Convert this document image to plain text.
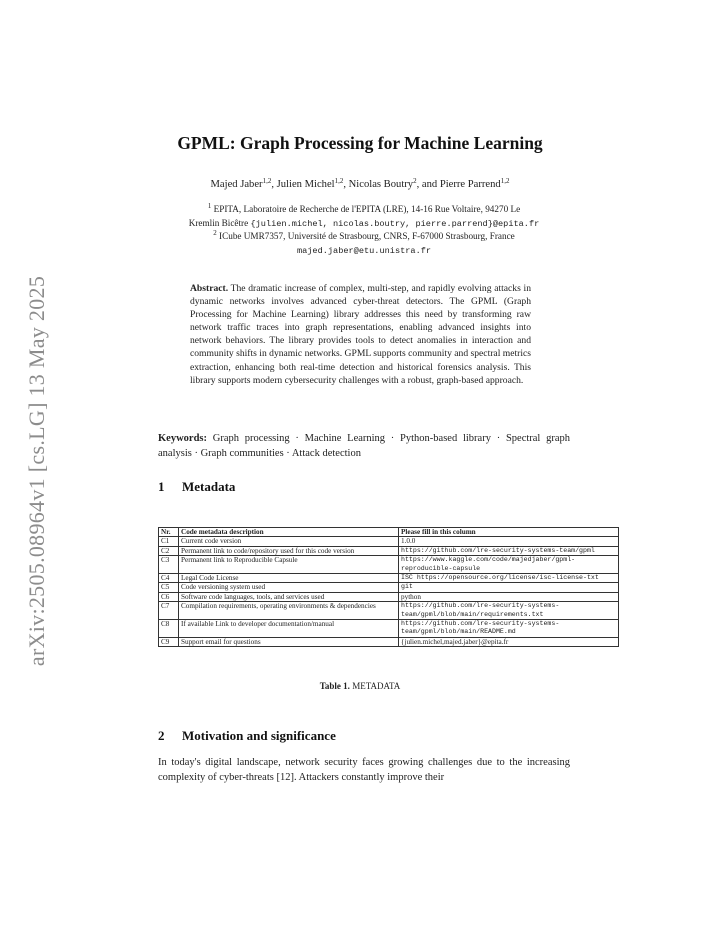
arXiv:2505.08964v1 [cs.LG] 13 May 2025
GPML: Graph Processing for Machine Learning
Majed Jaber$^{1,2}$, Julien Michel$^{1,2}$, Nicolas Boutry$^2$, and Pierre Parrend$^{1,2}$
$^1$ EPITA, Laboratoire de Recherche de l'EPITA (LRE), 14-16 Rue Voltaire, 94270 Le
Kremlin Bicêtre {julien.michel, nicolas.boutry, pierre.parrend}@epita.fr
$^2$ ICube UMR7357, Université de Strasbourg, CNRS, F-67000 Strasbourg, France
majed.jaber@etu.unistra.fr
Abstract. The dramatic increase of complex, multi-step, and rapidly evolving attacks in dynamic networks involves advanced cyber-threat detectors. The GPML (Graph Processing for Machine Learning) library addresses this need by transforming raw network traffic traces into graph representations, enabling advanced insights into network behaviors. The library provides tools to detect anomalies in interaction and community shifts in dynamic networks. GPML supports community and spectral metrics extraction, enhancing both real-time detection and historical forensics analysis. This library supports modern cybersecurity challenges with a robust, graph-based approach.
Keywords: Graph processing · Machine Learning · Python-based library · Spectral graph analysis · Graph communities · Attack detection
1 Metadata
Nr.	Code metadata description	Please fill in this column
C1	Current code version	1.0.0
C2	Permanent link to code/repository used for this code version	https://github.com/lre-security-systems-team/gpml
C3	Permanent link to Reproducible Capsule	https://www.kaggle.com/code/majedjaber/gpml-reproducible-capsule
C4	Legal Code License	ISC https://opensource.org/license/isc-license-txt
C5	Code versioning system used	git
C6	Software code languages, tools, and services used	python
C7	Compilation requirements, operating environments & dependencies	https://github.com/lre-security-systems-team/gpml/blob/main/requirements.txt
C8	If available Link to developer documentation/manual	https://github.com/lre-security-systems-team/gpml/blob/main/README.md
C9	Support email for questions	{julien.michel,majed.jaber}@epita.fr
Table 1. METADATA
2 Motivation and significance
In today's digital landscape, network security faces growing challenges due to the increasing complexity of cyber-threats [12]. Attackers constantly improve their
